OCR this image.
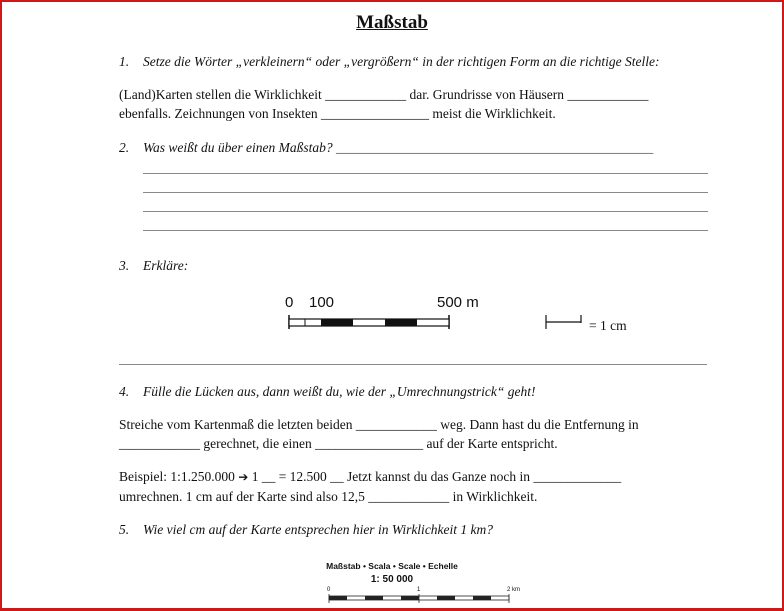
Maßstab
1. Setze die Wörter „verkleinern“ oder „vergrößern“ in der richtigen Form an die richtige Stelle:
(Land)Karten stellen die Wirklichkeit ____________ dar. Grundrisse von Häusern ____________
ebenfalls. Zeichnungen von Insekten ________________ meist die Wirklichkeit.
2. Was weißt du über einen Maßstab? _______________________________________________
3. Erkläre:
0 100	500 m
= 1 cm
4. Fülle die Lücken aus, dann weißt du, wie der „Umrechnungstrick“ geht!
Streiche vom Kartenmaß die letzten beiden ____________ weg. Dann hast du die Entfernung in
____________ gerechnet, die einen ________________ auf der Karte entspricht.
Beispiel: 1:1.250.000 ➔ 1 __ = 12.500 __ Jetzt kannst du das Ganze noch in _____________
umrechnen. 1 cm auf der Karte sind also 12,5 ____________ in Wirklichkeit.
5. Wie viel cm auf der Karte entsprechen hier in Wirklichkeit 1 km?
Maßstab • Scala • Scale • Echelle
1: 50 000
0	1	2 km
